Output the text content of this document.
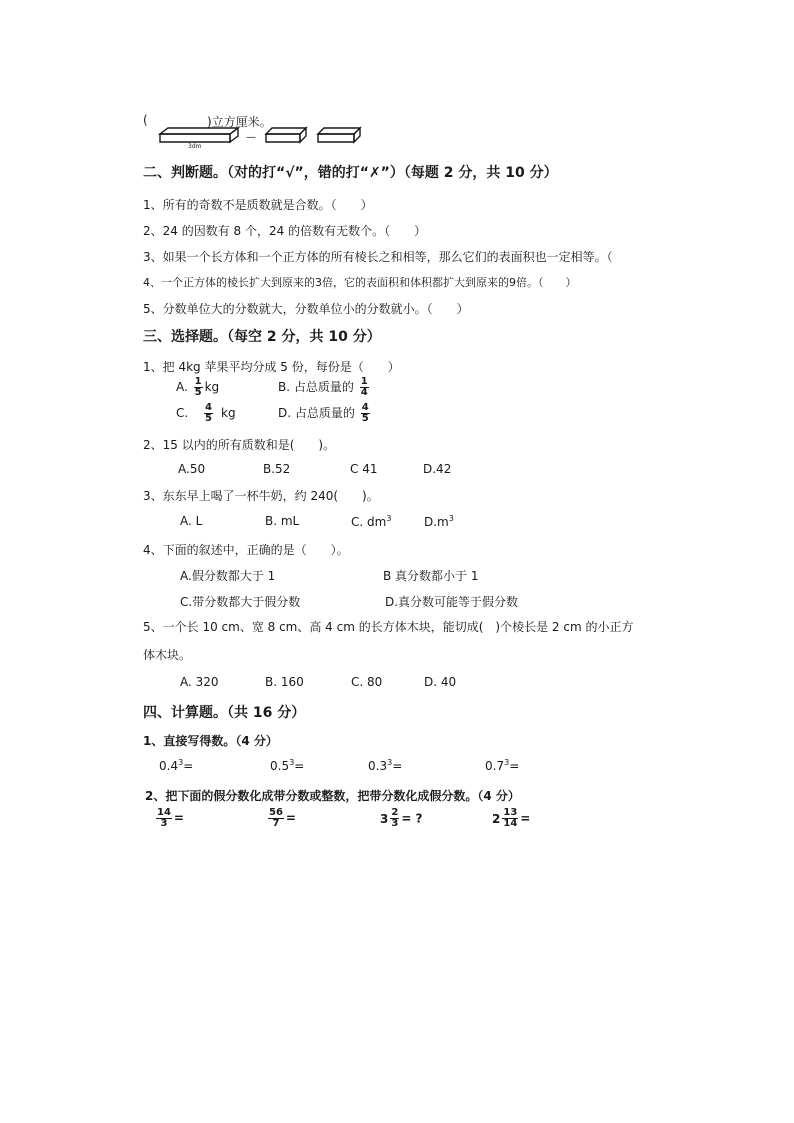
(
3dm
—
)立方厘米。
二、判断题。（对的打“√”，错的打“✗”）（每题 2 分，共 10 分）
1、所有的奇数不是质数就是合数。（　　）
2、24 的因数有 8 个，24 的倍数有无数个。（　　）
3、如果一个长方体和一个正方体的所有棱长之和相等，那么它们的表面积也一定相等。（
4、一个正方体的棱长扩大到原来的3倍，它的表面积和体积都扩大到原来的9倍。（　　）
5、分数单位大的分数就大，分数单位小的分数就小。（　　）
三、选择题。（每空 2 分，共 10 分）
1、把 4kg 苹果平均分成 5 份，每份是（　　）
A. $\frac{1}{5}$ kg	B. 占总质量的 $\frac{1}{4}$
C. $\frac{4}{5}$ kg	D. 占总质量的 $\frac{4}{5}$
2、15 以内的所有质数和是(　　)。
A.50	B.52	C 41	D.42
3、东东早上喝了一杯牛奶，约 240(　　)。
A. L	B. mL	C. $dm^3$	$D.m^3$
4、下面的叙述中，正确的是（　　）。
A.假分数都大于 1	B 真分数都小于 1
C.带分数都大于假分数	D.真分数可能等于假分数
5、一个长 10 cm、宽 8 cm、高 4 cm 的长方体木块，能切成(　)个棱长是 2 cm 的小正方
体木块。
A. 320	B. 160	C. 80	D. 40
四、计算题。（共 16 分）
1、直接写得数。（4 分）
$0.4^3=$	$0.5^3=$	$0.3^3=$	$0.7^3=$
2、把下面的假分数化成带分数或整数，把带分数化成假分数。（4 分）
$\frac{14}{3}$ =	$\frac{56}{7}$ =	$3 \frac{2}{3}$ = ?	$2 \frac{13}{14}$ =
